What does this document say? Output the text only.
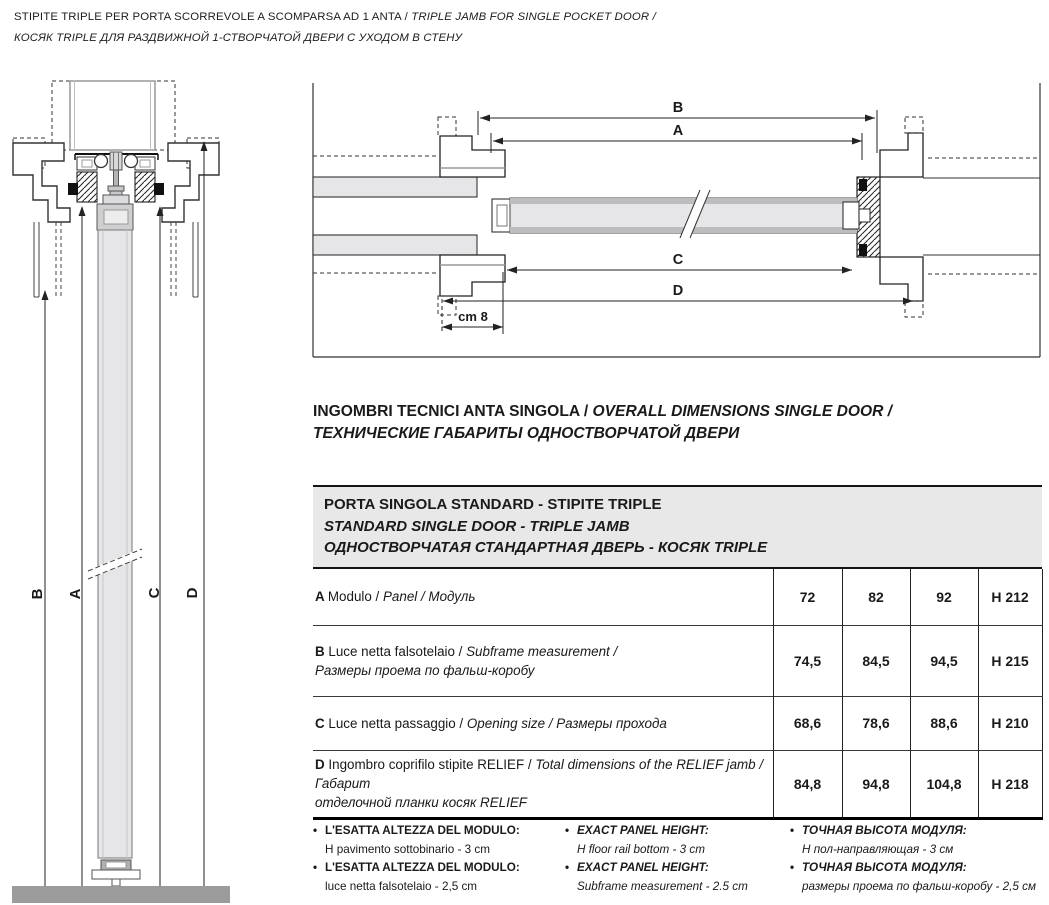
STIPITE TRIPLE PER PORTA SCORREVOLE A SCOMPARSA AD 1 ANTA / TRIPLE JAMB FOR SINGLE POCKET DOOR /
КОСЯК TRIPLE ДЛЯ РАЗДВИЖНОЙ 1-СТВОРЧАТОЙ ДВЕРИ С УХОДОМ В СТЕНУ
B A	C D
B
A
C
D
cm 8
INGOMBRI TECNICI ANTA SINGOLA / OVERALL DIMENSIONS SINGLE DOOR /
ТЕХНИЧЕСКИЕ ГАБАРИТЫ ОДНОСТВОРЧАТОЙ ДВЕРИ
PORTA SINGOLA STANDARD - STIPITE TRIPLE
STANDARD SINGLE DOOR - TRIPLE JAMB
ОДНОСТВОРЧАТАЯ СТАНДАРТНАЯ ДВЕРЬ - КОСЯК TRIPLE
A Modulo / Panel / Модуль	72	82	92	H 212
B Luce netta falsotelaio / Subframe measurement /
Размеры проема по фальш-коробу	74,5	84,5	94,5	H 215
C Luce netta passaggio / Opening size / Размеры прохода	68,6	78,6	88,6	H 210
D Ingombro coprifilo stipite RELIEF / Total dimensions of the RELIEF jamb / Габарит
отделочной планки косяк RELIEF	84,8	94,8	104,8	H 218
• L'ESATTA ALTEZZA DEL MODULO:
H pavimento sottobinario - 3 cm
• L'ESATTA ALTEZZA DEL MODULO:
luce netta falsotelaio - 2,5 cm
• EXACT PANEL HEIGHT:
H floor rail bottom - 3 cm
• EXACT PANEL HEIGHT:
Subframe measurement - 2.5 cm
• ТОЧНАЯ ВЫСОТА МОДУЛЯ:
Н пол-направляющая - 3 см
• ТОЧНАЯ ВЫСОТА МОДУЛЯ:
размеры проема по фальш-коробу - 2,5 см
